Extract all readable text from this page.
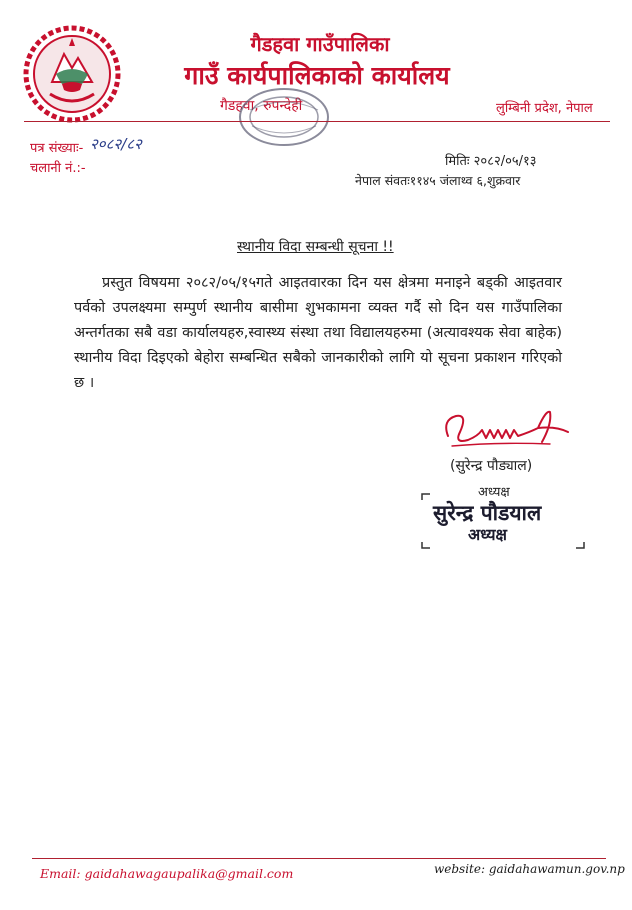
गैडहवा गाउँपालिका
गाउँ कार्यपालिकाको कार्यालय
गैडहवा, रुपन्देही	लुम्बिनी प्रदेश, नेपाल
पत्र संख्याः- २०८२/८२
चलानी नं.:-	मितिः २०८२/०५/१३
नेपाल संवतः११४५ जंलाथ्व ६,शुक्रवार
स्थानीय विदा सम्बन्धी सूचना !!
प्रस्तुत विषयमा २०८२/०५/१५गते आइतवारका दिन यस क्षेत्रमा मनाइने बड्की आइतवार पर्वको उपलक्ष्यमा सम्पुर्ण स्थानीय बासीमा शुभकामना व्यक्त गर्दै सो दिन यस गाउँपालिका अन्तर्गतका सबै वडा कार्यालयहरु,स्वास्थ्य संस्था तथा विद्यालयहरुमा (अत्यावश्यक सेवा बाहेक) स्थानीय विदा दिइएको बेहोरा सम्बन्धित सबैको जानकारीको लागि यो सूचना प्रकाशन गरिएको छ ।
(सुरेन्द्र पौड्याल)
अध्यक्ष
सुरेन्द्र पौडयाल
अध्यक्ष
Email: gaidahawagaupalika@gmail.com	website: gaidahawamun.gov.np
